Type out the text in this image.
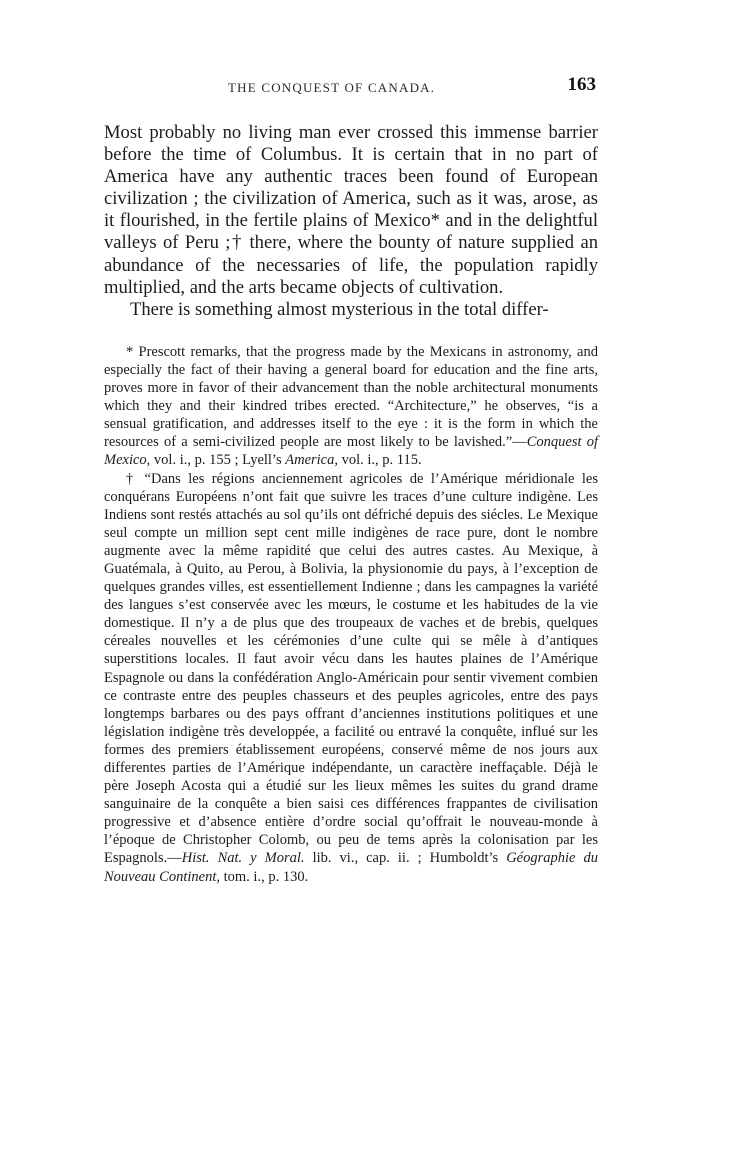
THE CONQUEST OF CANADA.	163

Most probably no living man ever crossed this immense barrier before the time of Columbus. It is certain that in no part of America have any authentic traces been found of European civilization ; the civilization of America, such as it was, arose, as it flourished, in the fertile plains of Mexico* and in the delightful valleys of Peru ;† there, where the bounty of nature supplied an abundance of the necessaries of life, the population rapidly multiplied, and the arts became objects of cultivation.

There is something almost mysterious in the total differ-

* Prescott remarks, that the progress made by the Mexicans in astronomy, and especially the fact of their having a general board for education and the fine arts, proves more in favor of their advancement than the noble architectural monuments which they and their kindred tribes erected. “Architecture,” he observes, “is a sensual gratification, and addresses itself to the eye : it is the form in which the resources of a semi-civilized people are most likely to be lavished.”—Conquest of Mexico, vol. i., p. 155 ; Lyell’s America, vol. i., p. 115.

† “Dans les régions anciennement agricoles de l’Amérique méridionale les conquérans Européens n’ont fait que suivre les traces d’une culture indigène. Les Indiens sont restés attachés au sol qu’ils ont défriché depuis des siécles. Le Mexique seul compte un million sept cent mille indigènes de race pure, dont le nombre augmente avec la même rapidité que celui des autres castes. Au Mexique, à Guatémala, à Quito, au Perou, à Bolivia, la physionomie du pays, à l’exception de quelques grandes villes, est essentiellement Indienne ; dans les campagnes la variété des langues s’est conservée avec les mœurs, le costume et les habitudes de la vie domestique. Il n’y a de plus que des troupeaux de vaches et de brebis, quelques céreales nouvelles et les cérémonies d’une culte qui se mêle à d’antiques superstitions locales. Il faut avoir vécu dans les hautes plaines de l’Amérique Espagnole ou dans la confédération Anglo-Américain pour sentir vivement combien ce contraste entre des peuples chasseurs et des peuples agricoles, entre des pays longtemps barbares ou des pays offrant d’anciennes institutions politiques et une législation indigène très developpée, a facilité ou entravé la conquête, influé sur les formes des premiers établissement européens, conservé même de nos jours aux differentes parties de l’Amérique indépendante, un caractère ineffaçable. Déjà le père Joseph Acosta qui a étudié sur les lieux mêmes les suites du grand drame sanguinaire de la conquête a bien saisi ces différences frappantes de civilisation progressive et d’absence entière d’ordre social qu’offrait le nouveau-monde à l’époque de Christopher Colomb, ou peu de tems après la colonisation par les Espagnols.—Hist. Nat. y Moral. lib. vi., cap. ii. ; Humboldt’s Géographie du Nouveau Continent, tom. i., p. 130.
